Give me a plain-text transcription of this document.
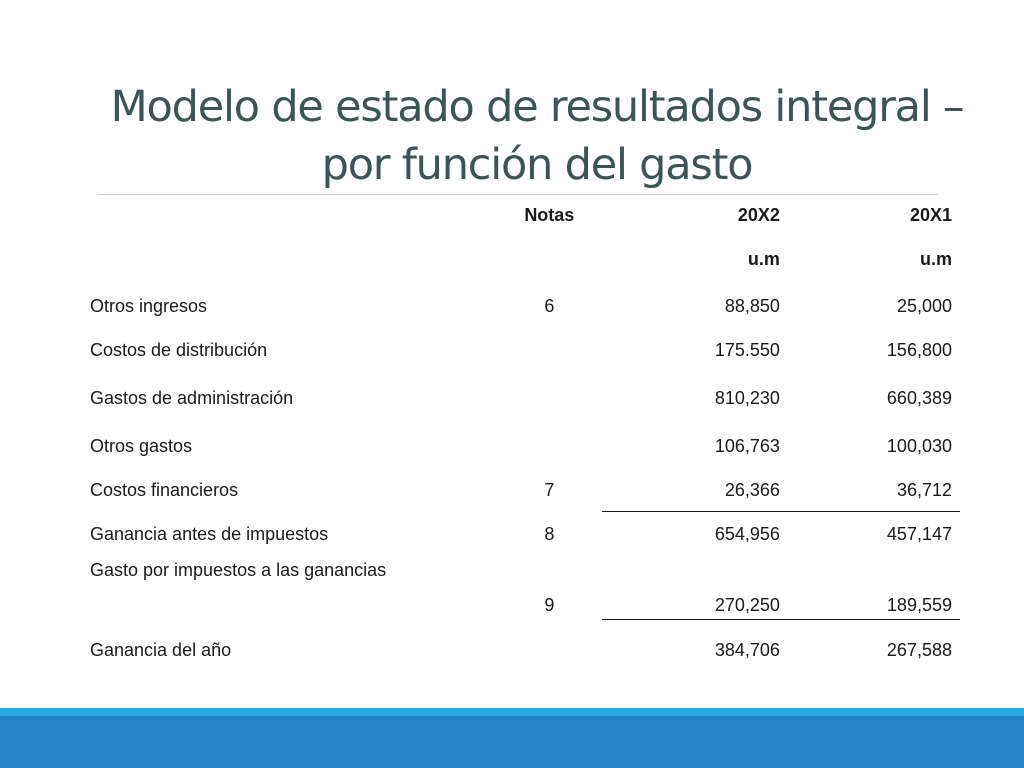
Modelo de estado de resultados integral –
por función del gasto
	Notas	20X2	20X1
		u.m	u.m
Otros ingresos	6	88,850	25,000
Costos de distribución		175.550	156,800
Gastos de administración		810,230	660,389
Otros gastos		106,763	100,030
Costos financieros	7	26,366	36,712
Ganancia antes de impuestos	8	654,956	457,147
Gasto por impuestos a las ganancias	9	270,250	189,559
Ganancia del año		384,706	267,588
